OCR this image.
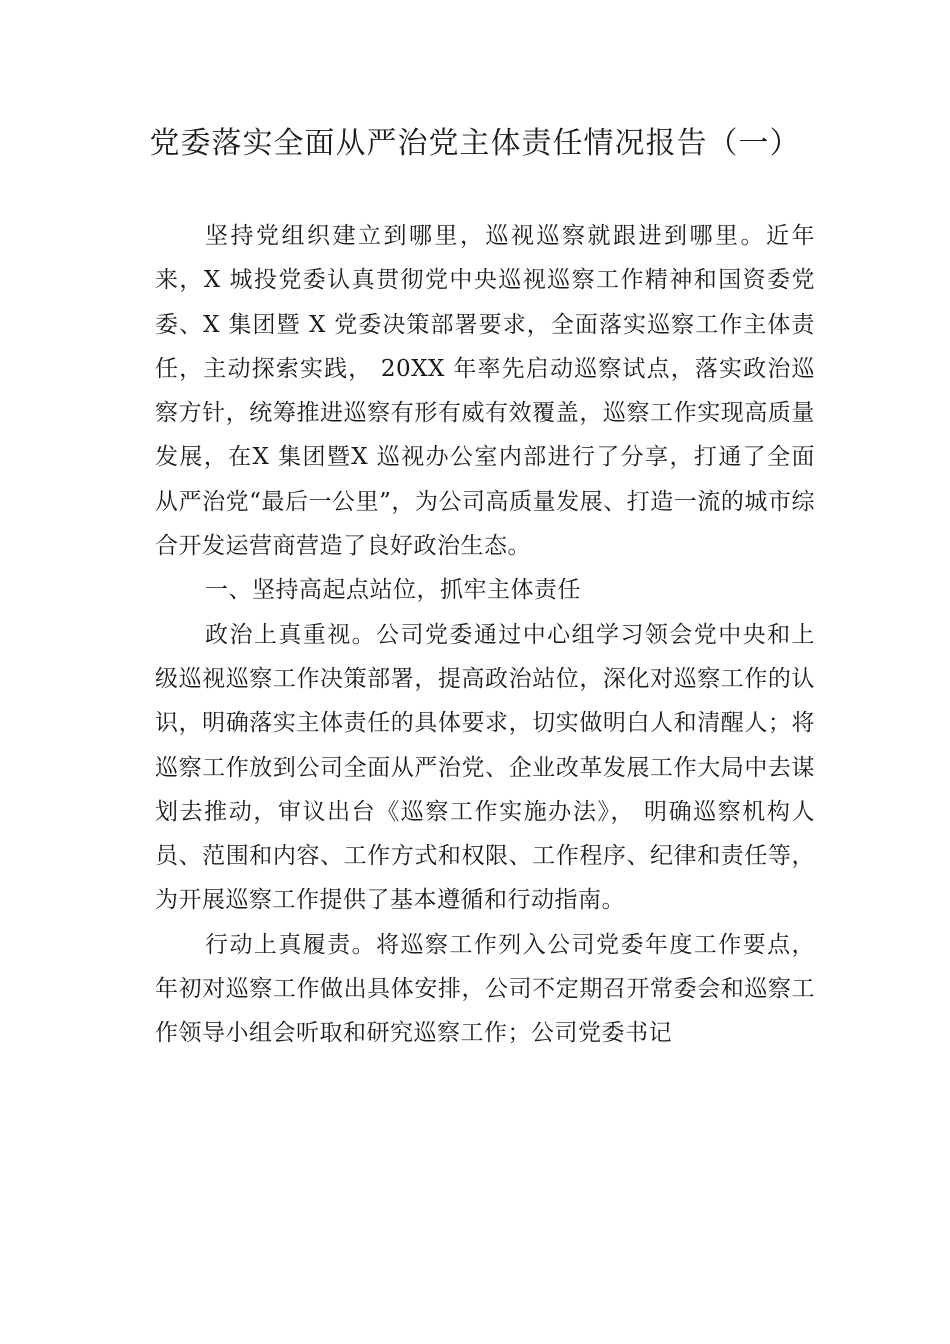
党委落实全面从严治党主体责任情况报告（一）

坚持党组织建立到哪里，巡视巡察就跟进到哪里。近年来，X 城投党委认真贯彻党中央巡视巡察工作精神和国资委党委、X 集团暨 X 党委决策部署要求，全面落实巡察工作主体责任，主动探索实践， 20XX 年率先启动巡察试点，落实政治巡察方针，统筹推进巡察有形有威有效覆盖，巡察工作实现高质量发展，在X 集团暨X 巡视办公室内部进行了分享，打通了全面从严治党“最后一公里”，为公司高质量发展、打造一流的城市综合开发运营商营造了良好政治生态。

一、坚持高起点站位，抓牢主体责任

政治上真重视。公司党委通过中心组学习领会党中央和上级巡视巡察工作决策部署，提高政治站位，深化对巡察工作的认识，明确落实主体责任的具体要求，切实做明白人和清醒人；将巡察工作放到公司全面从严治党、企业改革发展工作大局中去谋划去推动，审议出台《巡察工作实施办法》， 明确巡察机构人员、范围和内容、工作方式和权限、工作程序、纪律和责任等，为开展巡察工作提供了基本遵循和行动指南。

行动上真履责。将巡察工作列入公司党委年度工作要点，年初对巡察工作做出具体安排，公司不定期召开常委会和巡察工作领导小组会听取和研究巡察工作；公司党委书记
